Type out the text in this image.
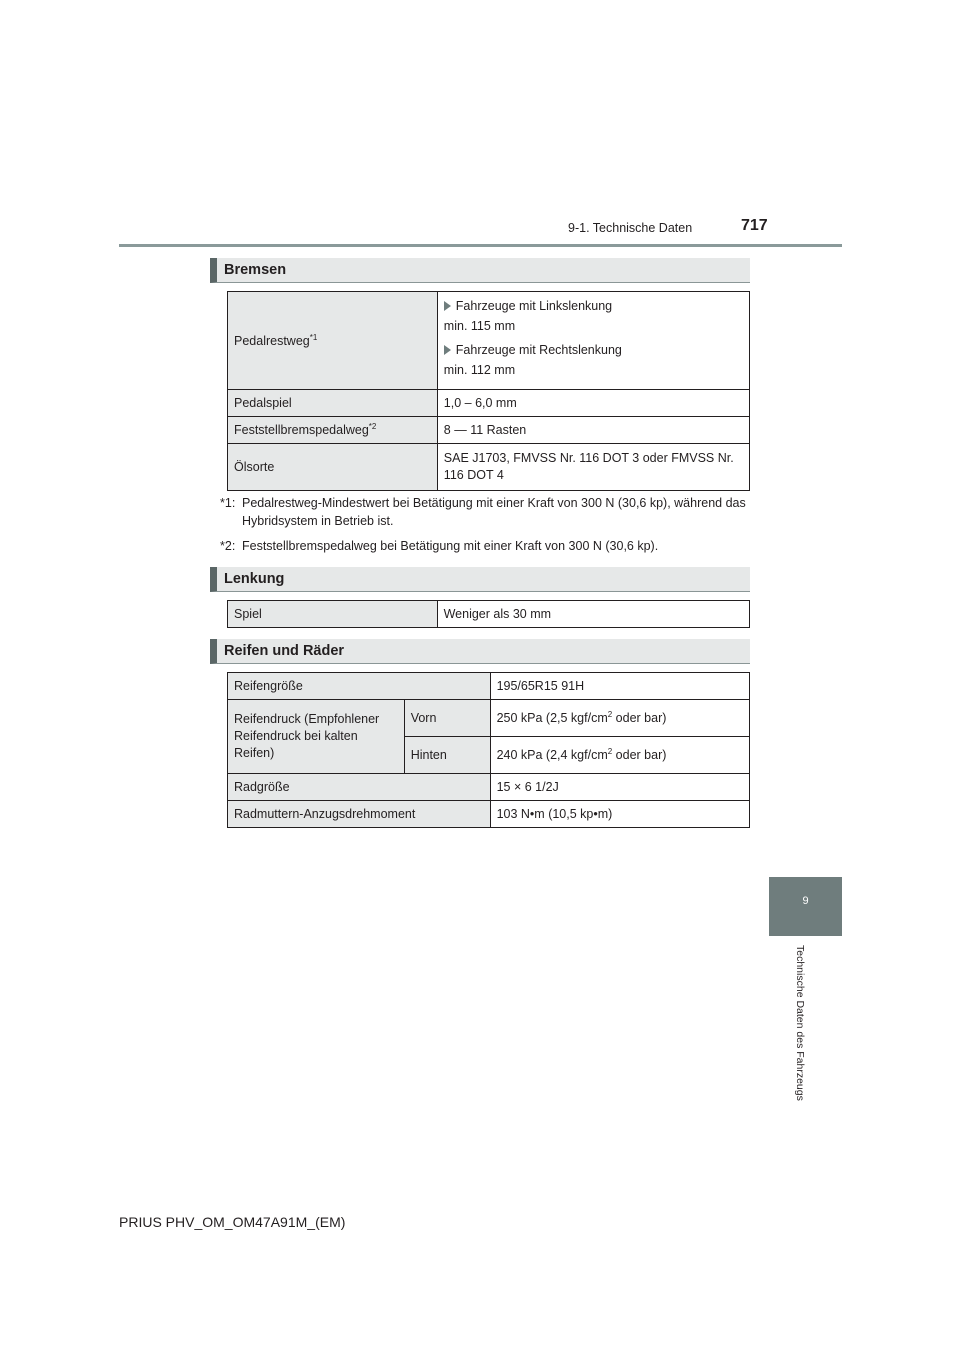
9-1. Technische Daten	717
9
Technische Daten des Fahrzeugs
Bremsen
Pedalrestweg$^{*1}$	Fahrzeuge mit Linkslenkung

min. 115 mm

Fahrzeuge mit Rechtslenkung

min. 112 mm

Pedalspiel	1,0 – 6,0 mm
Feststellbremspedalweg$^{*2}$	8 — 11 Rasten
Ölsorte	SAE J1703, FMVSS Nr. 116 DOT 3 oder FMVSS Nr. 116 DOT 4
*1: Pedalrestweg-Mindestwert bei Betätigung mit einer Kraft von 300 N (30,6 kp), während das Hybridsystem in Betrieb ist.
*2: Feststellbremspedalweg bei Betätigung mit einer Kraft von 300 N (30,6 kp).
Lenkung
Spiel	Weniger als 30 mm
Reifen und Räder
Reifengröße		195/65R15 91H
Reifendruck (Empfohlener Reifendruck bei kalten Reifen)	Vorn	250 kPa (2,5 kgf/$cm^2$ oder bar)
	Hinten	240 kPa (2,4 kgf/$cm^2$ oder bar)
Radgröße		15 × 6 1/2J
Radmuttern-Anzugsdrehmoment		103 N•m (10,5 kp•m)
PRIUS PHV_OM_OM47A91M_(EM)
